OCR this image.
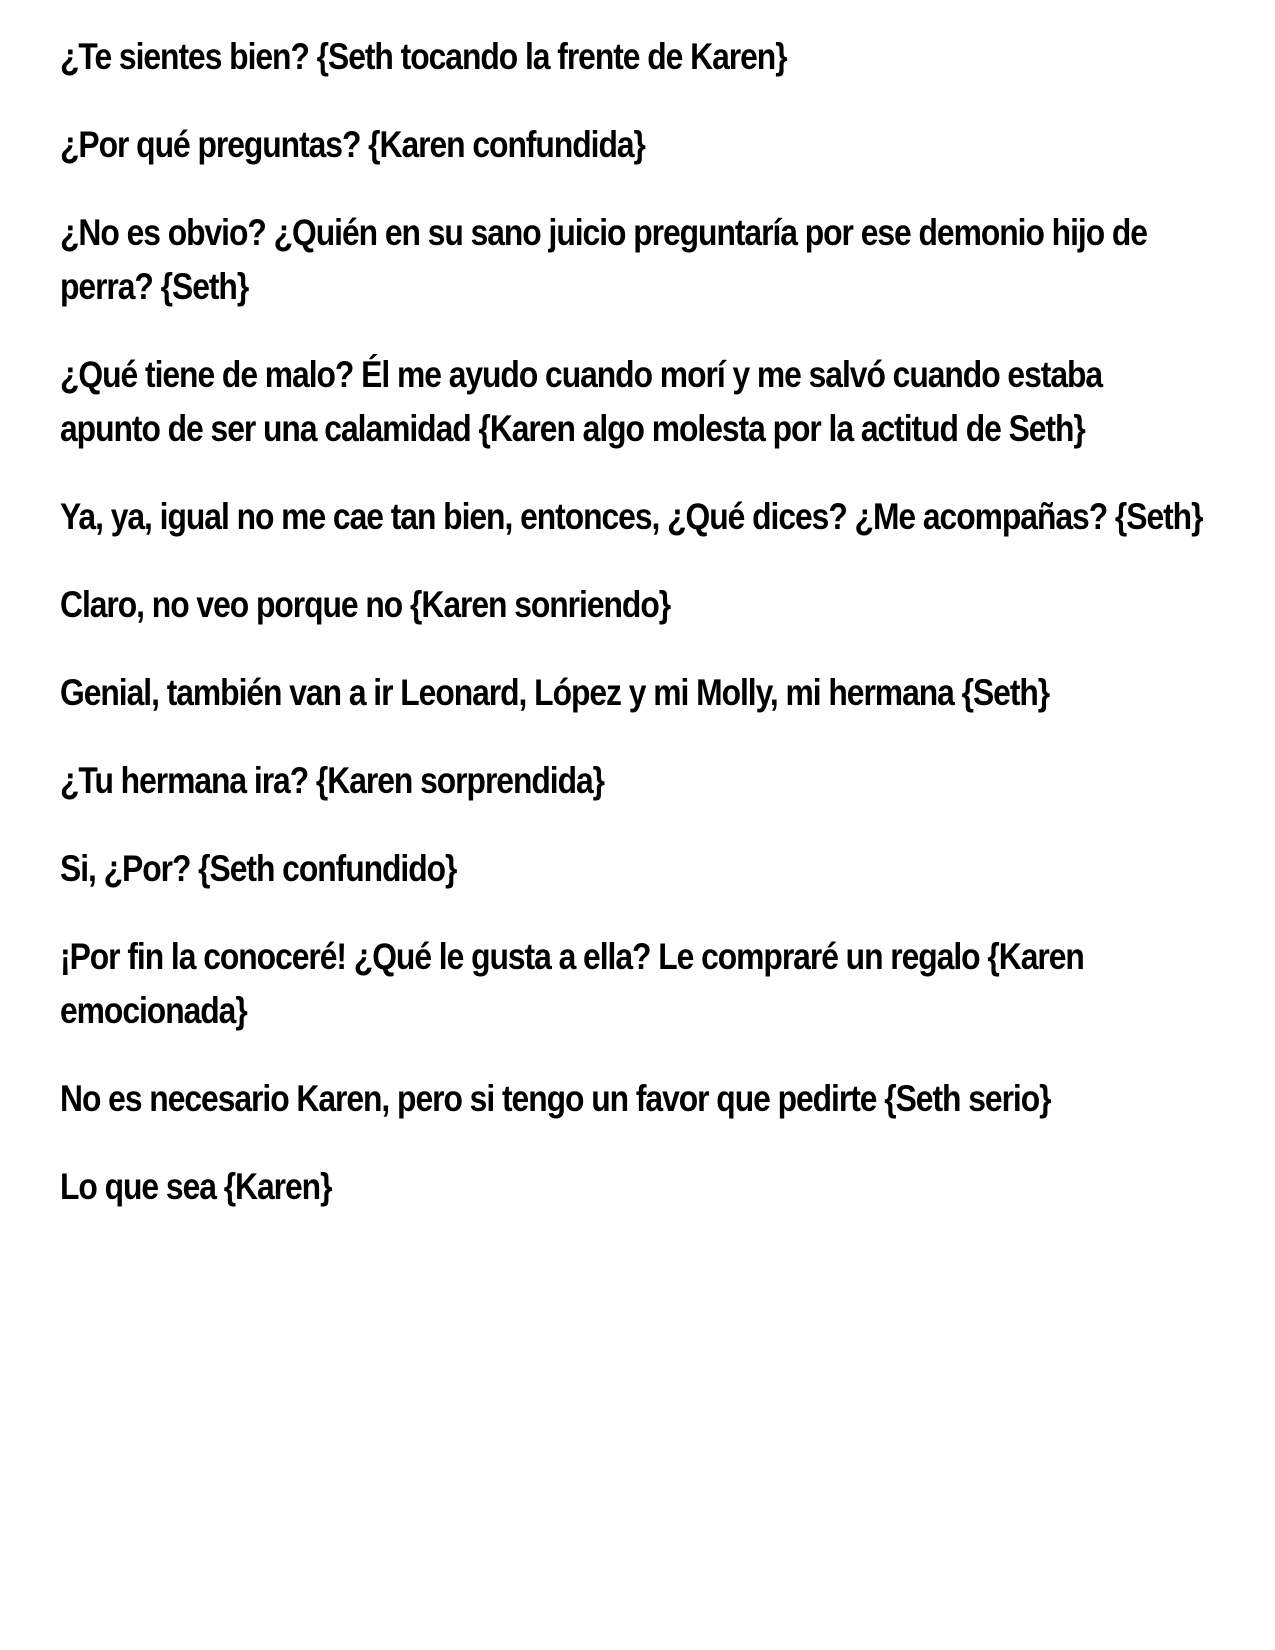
¿Te sientes bien? {Seth tocando la frente de Karen}

¿Por qué preguntas? {Karen confundida}

¿No es obvio? ¿Quién en su sano juicio preguntaría por ese demonio hijo de perra? {Seth}

¿Qué tiene de malo? Él me ayudo cuando morí y me salvó cuando estaba apunto de ser una calamidad {Karen algo molesta por la actitud de Seth}

Ya, ya, igual no me cae tan bien, entonces, ¿Qué dices? ¿Me acompañas? {Seth}

Claro, no veo porque no {Karen sonriendo}

Genial, también van a ir Leonard, López y mi Molly, mi hermana {Seth}

¿Tu hermana ira? {Karen sorprendida}

Si, ¿Por? {Seth confundido}

¡Por fin la conoceré! ¿Qué le gusta a ella? Le compraré un regalo {Karen emocionada}

No es necesario Karen, pero si tengo un favor que pedirte {Seth serio}

Lo que sea {Karen}
